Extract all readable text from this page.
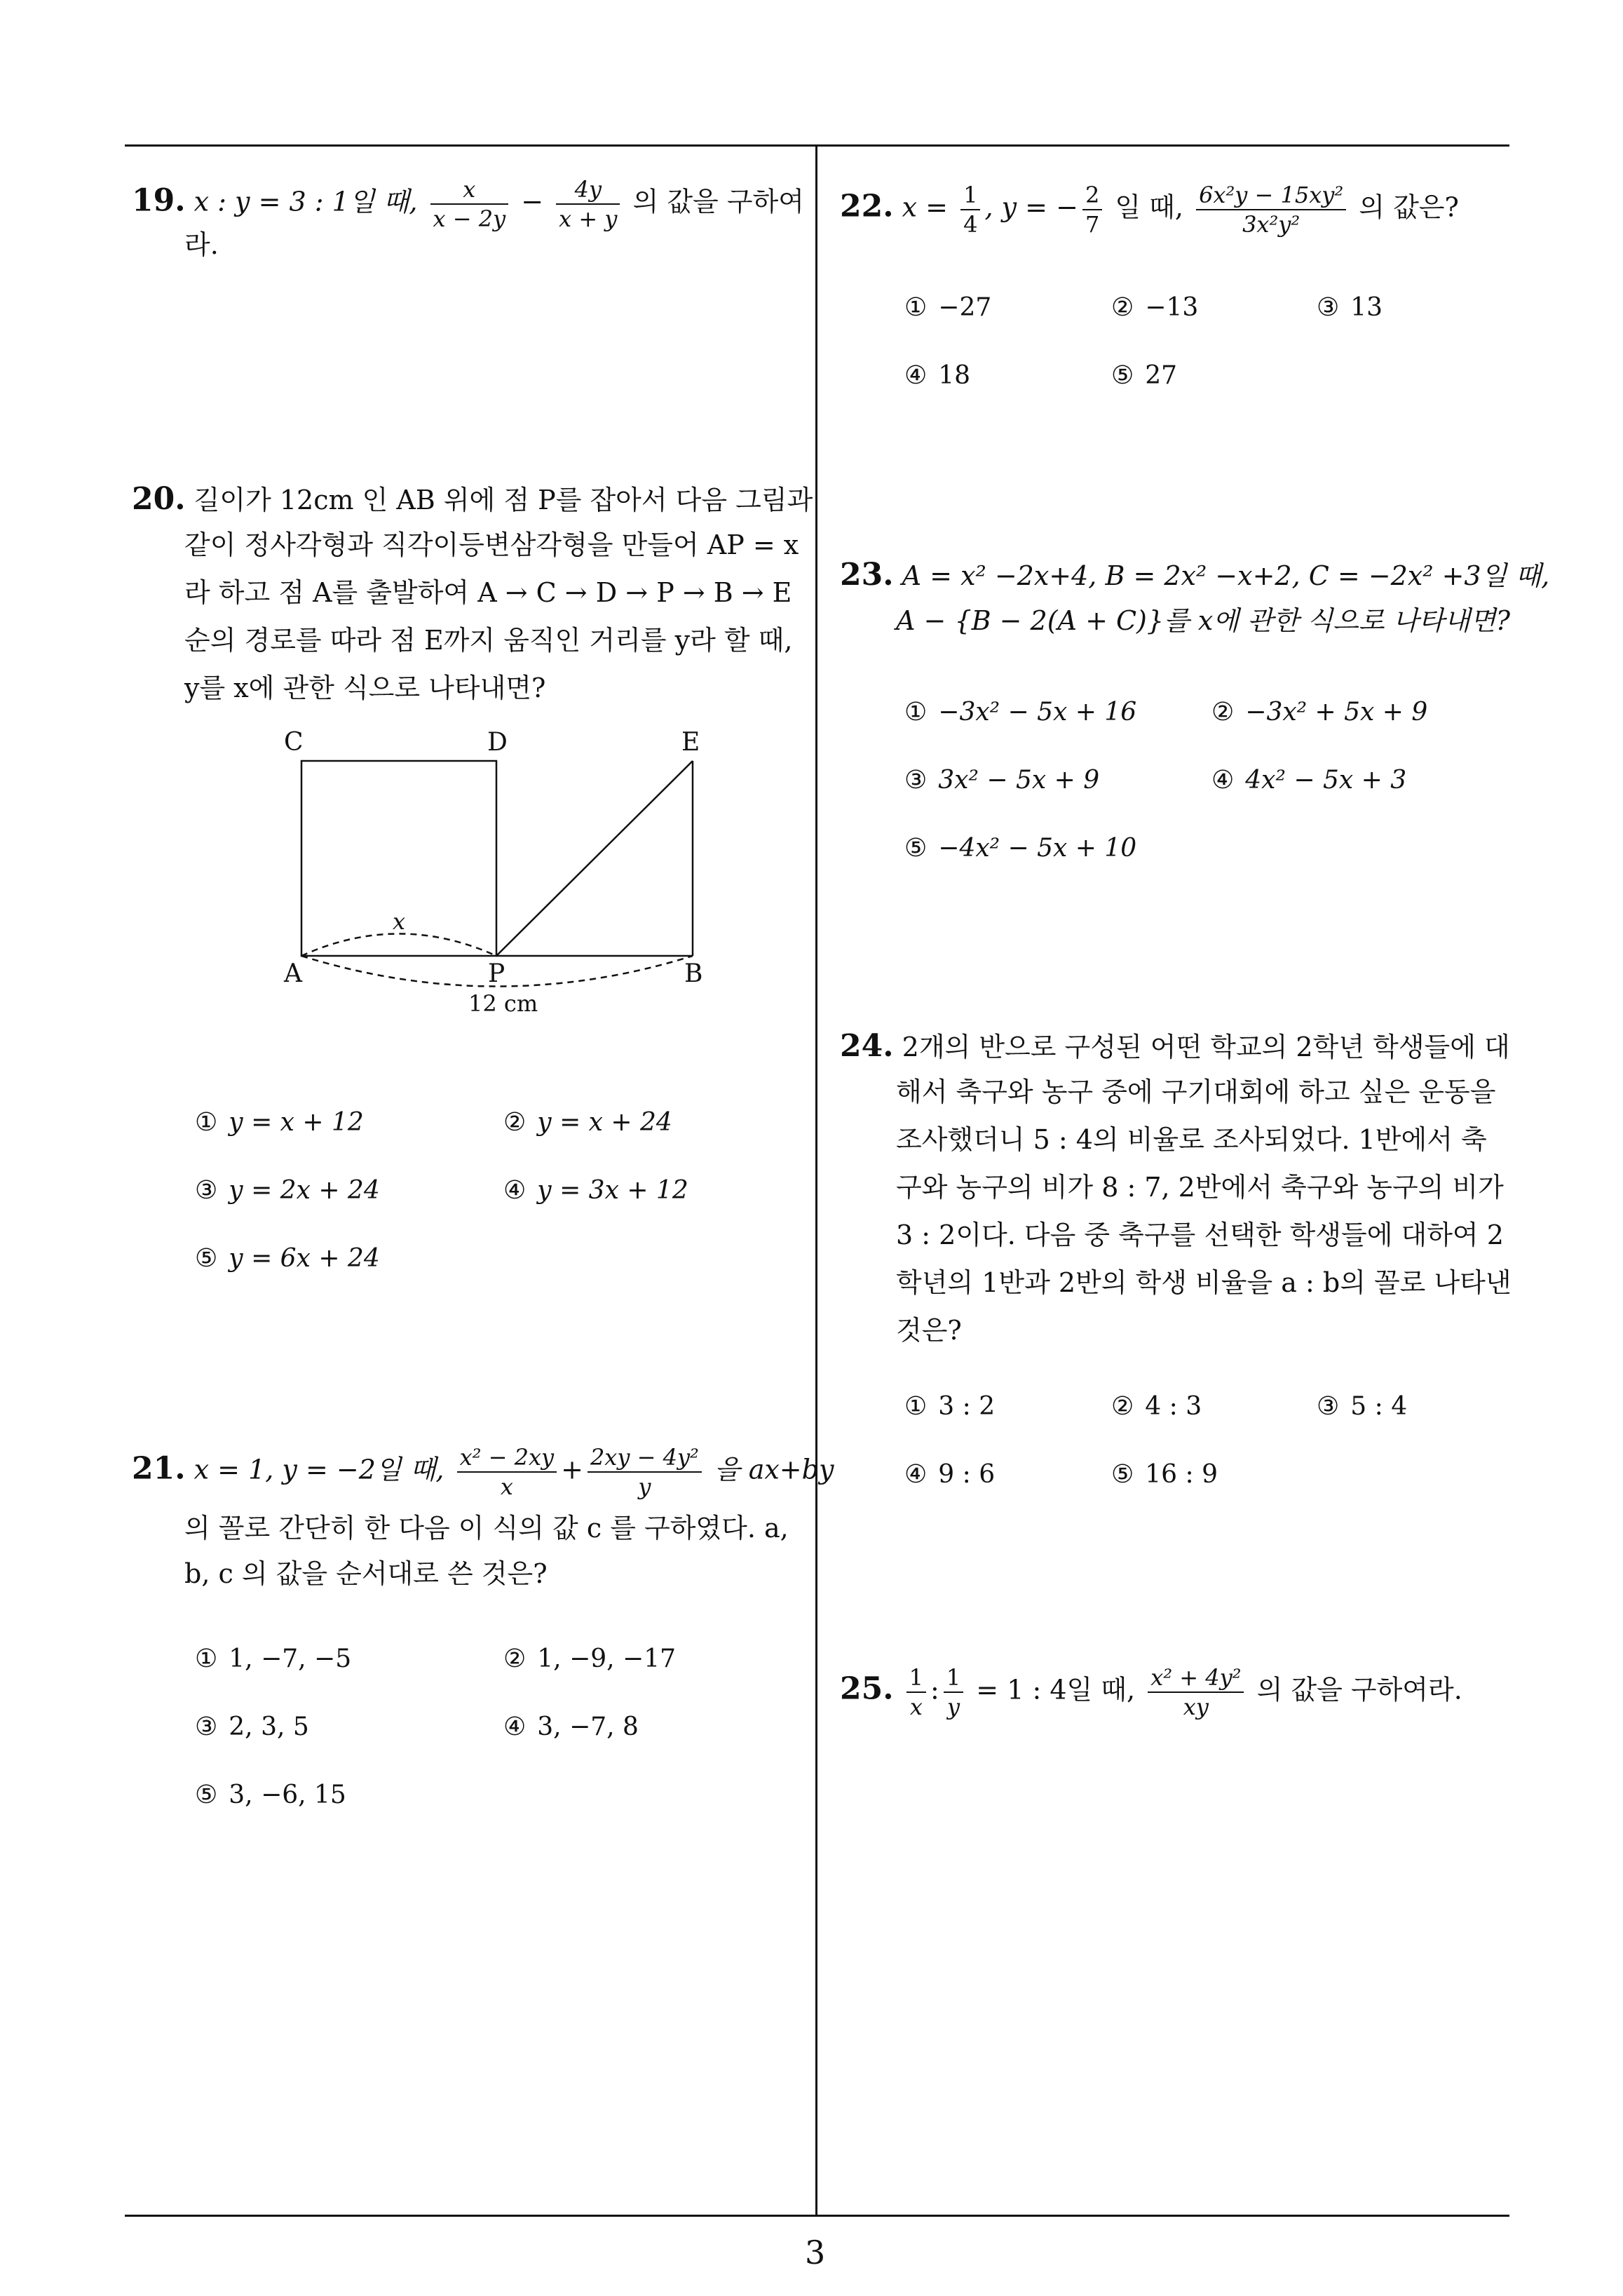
19. x : y = 3 : 1일 때, $\frac{x}{x - 2y} - \frac{4y}{x + y}$ 의 값을 구하여
라.
20. 길이가 12cm 인 AB 위에 점 P를 잡아서 다음 그림과
같이 정사각형과 직각이등변삼각형을 만들어 AP = x
라 하고 점 A를 출발하여 A → C → D → P → B → E
순의 경로를 따라 점 E까지 움직인 거리를 y라 할 때,
y를 x에 관한 식으로 나타내면?
C	D	E
A	P	B
x
12 cm
① y = x + 12	② y = x + 24
③ y = 2x + 24	④ y = 3x + 12
⑤ y = 6x + 24
21. x = 1, y = −2일 때, $\frac{\text{x² − 2xy}}{x} + \frac{\text{2xy − 4y²}}{y}$ 을 ax+by
의 꼴로 간단히 한 다음 이 식의 값 c 를 구하였다. a,
b, c 의 값을 순서대로 쓴 것은?
① 1, −7, −5	② 1, −9, −17
③ 2, 3, 5	④ 3, −7, 8
⑤ 3, −6, 15
22. $x = \frac{1}{4}$ , y = − $\frac{2}{7}$ 일 때, $\frac{\text{6x²y − 15xy²}}{\text{3x²y²}}$ 의 값은?
① −27	② −13	③ 13
④ 18	⑤ 27
23. A = x² −2x+4, B = 2x² −x+2, C = −2x² +3일 때,
A − {B − 2(A + C)}를 x에 관한 식으로 나타내면?
① −3x² − 5x + 16	② −3x² + 5x + 9
③ 3x² − 5x + 9	④ 4x² − 5x + 3
⑤ −4x² − 5x + 10
24. 2개의 반으로 구성된 어떤 학교의 2학년 학생들에 대
해서 축구와 농구 중에 구기대회에 하고 싶은 운동을
조사했더니 5 : 4의 비율로 조사되었다. 1반에서 축
구와 농구의 비가 8 : 7, 2반에서 축구와 농구의 비가
3 : 2이다. 다음 중 축구를 선택한 학생들에 대하여 2
학년의 1반과 2반의 학생 비율을 a : b의 꼴로 나타낸
것은?
① 3 : 2	② 4 : 3	③ 5 : 4
④ 9 : 6	⑤ 16 : 9
25. $\frac{1}{x}$ : $\frac{1}{y} = 1$ : 4일 때, $\frac{\text{x² + 4y²}}{xy}$ 의 값을 구하여라.
3
